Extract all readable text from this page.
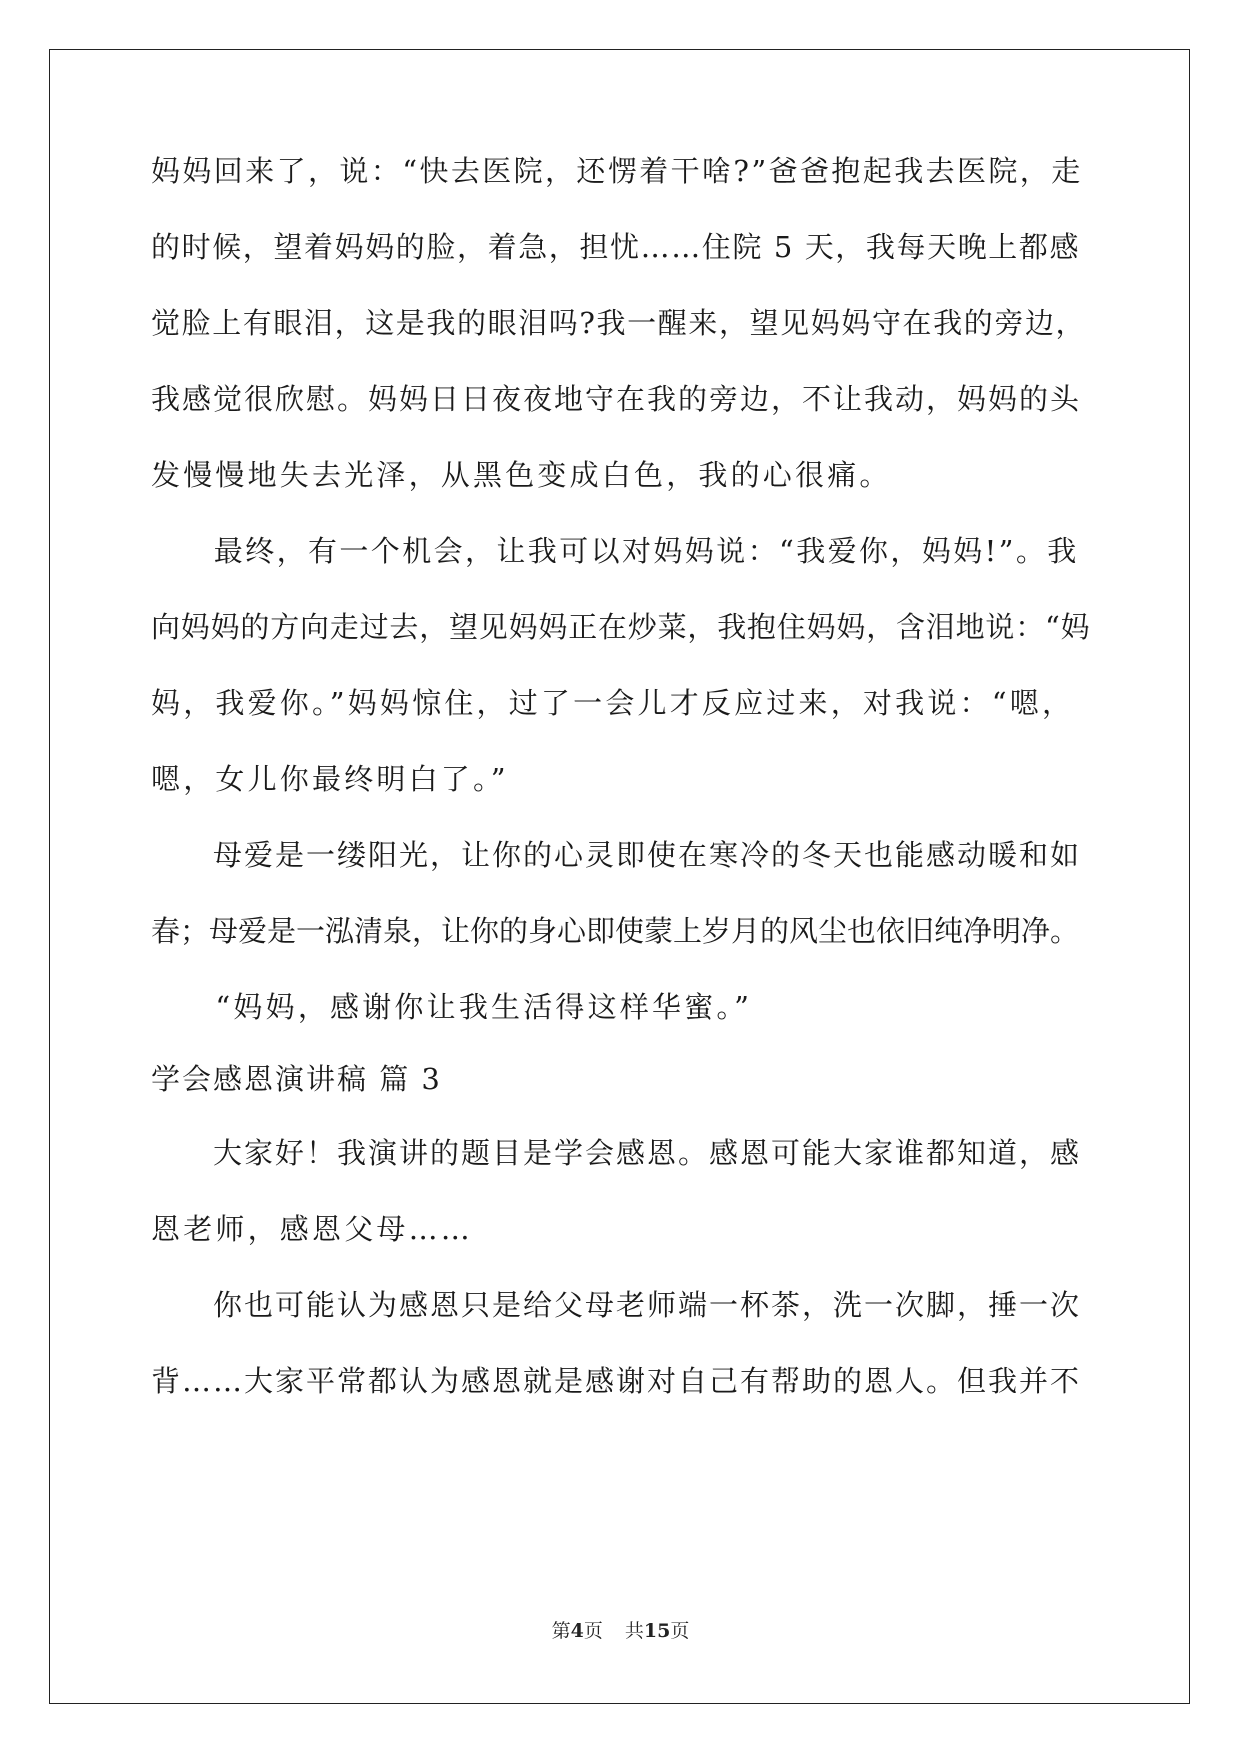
妈妈回来了，说：“快去医院，还愣着干啥?”爸爸抱起我去医院，走
的时候，望着妈妈的脸，着急，担忧……住院 5 天，我每天晚上都感
觉脸上有眼泪，这是我的眼泪吗?我一醒来，望见妈妈守在我的旁边，
我感觉很欣慰。妈妈日日夜夜地守在我的旁边，不让我动，妈妈的头
发慢慢地失去光泽，从黑色变成白色，我的心很痛。
　　最终，有一个机会，让我可以对妈妈说：“我爱你，妈妈!”。我
向妈妈的方向走过去，望见妈妈正在炒菜，我抱住妈妈，含泪地说：“妈
妈，我爱你。”妈妈惊住，过了一会儿才反应过来，对我说：“嗯，
嗯，女儿你最终明白了。”
　　母爱是一缕阳光，让你的心灵即使在寒冷的冬天也能感动暖和如
春；母爱是一泓清泉，让你的身心即使蒙上岁月的风尘也依旧纯净明净。
　　“妈妈，感谢你让我生活得这样华蜜。”
学会感恩演讲稿 篇 3
　　大家好！我演讲的题目是学会感恩。感恩可能大家谁都知道，感
恩老师，感恩父母……
　　你也可能认为感恩只是给父母老师端一杯茶，洗一次脚，捶一次
背……大家平常都认为感恩就是感谢对自己有帮助的恩人。但我并不
第4页 共15页
